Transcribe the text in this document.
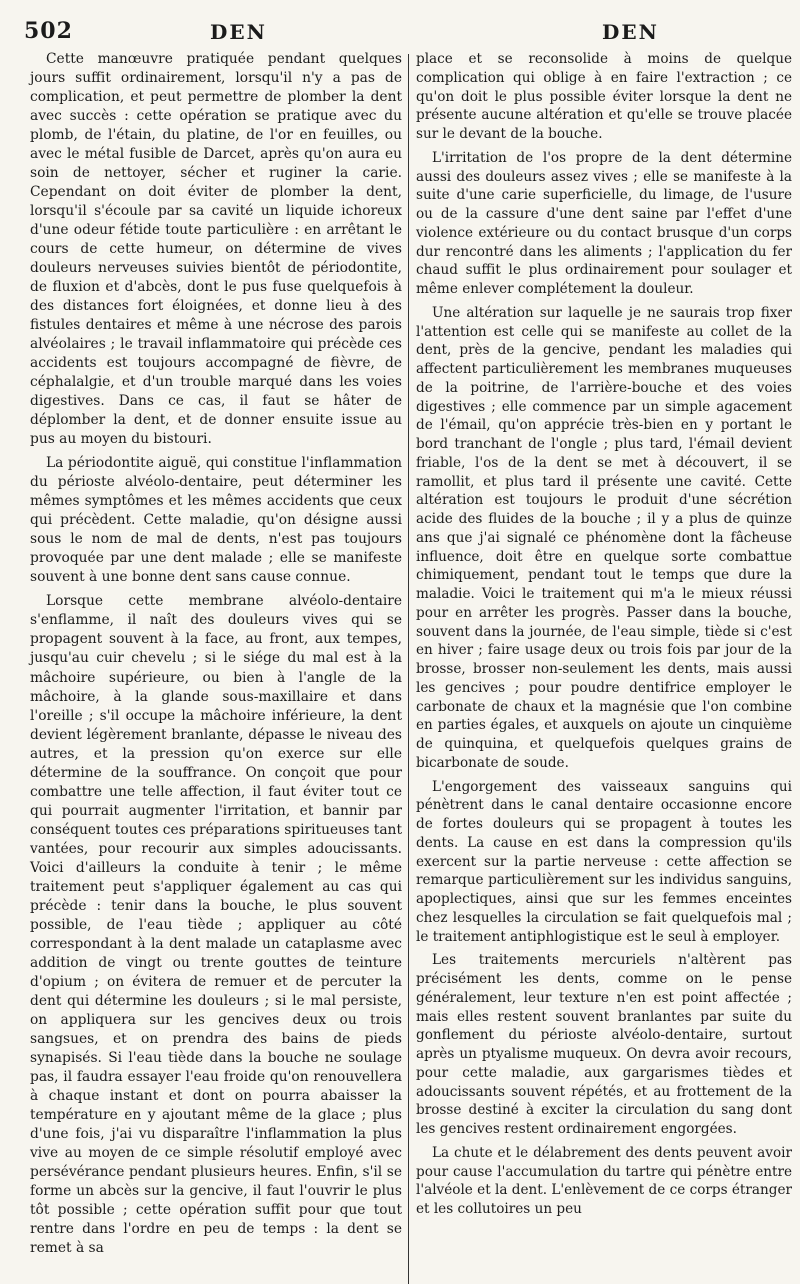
502	DEN	DEN

Cette manœuvre pratiquée pendant quelques jours suffit ordinairement, lorsqu'il n'y a pas de complication, et peut permettre de plomber la dent avec succès : cette opération se pratique avec du plomb, de l'étain, du platine, de l'or en feuilles, ou avec le métal fusible de Darcet, après qu'on aura eu soin de nettoyer, sécher et ruginer la carie. Cependant on doit éviter de plomber la dent, lorsqu'il s'écoule par sa cavité un liquide ichoreux d'une odeur fétide toute particulière : en arrêtant le cours de cette humeur, on détermine de vives douleurs nerveuses suivies bientôt de périodontite, de fluxion et d'abcès, dont le pus fuse quelquefois à des distances fort éloignées, et donne lieu à des fistules dentaires et même à une nécrose des parois alvéolaires ; le travail inflammatoire qui précède ces accidents est toujours accompagné de fièvre, de céphalalgie, et d'un trouble marqué dans les voies digestives. Dans ce cas, il faut se hâter de déplomber la dent, et de donner ensuite issue au pus au moyen du bistouri.

La périodontite aiguë, qui constitue l'inflammation du périoste alvéolo-dentaire, peut déterminer les mêmes symptômes et les mêmes accidents que ceux qui précèdent. Cette maladie, qu'on désigne aussi sous le nom de mal de dents, n'est pas toujours provoquée par une dent malade ; elle se manifeste souvent à une bonne dent sans cause connue.

Lorsque cette membrane alvéolo-dentaire s'enflamme, il naît des douleurs vives qui se propagent souvent à la face, au front, aux tempes, jusqu'au cuir chevelu ; si le siége du mal est à la mâchoire supérieure, ou bien à l'angle de la mâchoire, à la glande sous-maxillaire et dans l'oreille ; s'il occupe la mâchoire inférieure, la dent devient légèrement branlante, dépasse le niveau des autres, et la pression qu'on exerce sur elle détermine de la souffrance. On conçoit que pour combattre une telle affection, il faut éviter tout ce qui pourrait augmenter l'irritation, et bannir par conséquent toutes ces préparations spiritueuses tant vantées, pour recourir aux simples adoucissants. Voici d'ailleurs la conduite à tenir ; le même traitement peut s'appliquer également au cas qui précède : tenir dans la bouche, le plus souvent possible, de l'eau tiède ; appliquer au côté correspondant à la dent malade un cataplasme avec addition de vingt ou trente gouttes de teinture d'opium ; on évitera de remuer et de percuter la dent qui détermine les douleurs ; si le mal persiste, on appliquera sur les gencives deux ou trois sangsues, et on prendra des bains de pieds synapisés. Si l'eau tiède dans la bouche ne soulage pas, il faudra essayer l'eau froide qu'on renouvellera à chaque instant et dont on pourra abaisser la température en y ajoutant même de la glace ; plus d'une fois, j'ai vu disparaître l'inflammation la plus vive au moyen de ce simple résolutif employé avec persévérance pendant plusieurs heures. Enfin, s'il se forme un abcès sur la gencive, il faut l'ouvrir le plus tôt possible ; cette opération suffit pour que tout rentre dans l'ordre en peu de temps : la dent se remet à sa

place et se reconsolide à moins de quelque complication qui oblige à en faire l'extraction ; ce qu'on doit le plus possible éviter lorsque la dent ne présente aucune altération et qu'elle se trouve placée sur le devant de la bouche.

L'irritation de l'os propre de la dent détermine aussi des douleurs assez vives ; elle se manifeste à la suite d'une carie superficielle, du limage, de l'usure ou de la cassure d'une dent saine par l'effet d'une violence extérieure ou du contact brusque d'un corps dur rencontré dans les aliments ; l'application du fer chaud suffit le plus ordinairement pour soulager et même enlever complétement la douleur.

Une altération sur laquelle je ne saurais trop fixer l'attention est celle qui se manifeste au collet de la dent, près de la gencive, pendant les maladies qui affectent particulièrement les membranes muqueuses de la poitrine, de l'arrière-bouche et des voies digestives ; elle commence par un simple agacement de l'émail, qu'on apprécie très-bien en y portant le bord tranchant de l'ongle ; plus tard, l'émail devient friable, l'os de la dent se met à découvert, il se ramollit, et plus tard il présente une cavité. Cette altération est toujours le produit d'une sécrétion acide des fluides de la bouche ; il y a plus de quinze ans que j'ai signalé ce phénomène dont la fâcheuse influence, doit être en quelque sorte combattue chimiquement, pendant tout le temps que dure la maladie. Voici le traitement qui m'a le mieux réussi pour en arrêter les progrès. Passer dans la bouche, souvent dans la journée, de l'eau simple, tiède si c'est en hiver ; faire usage deux ou trois fois par jour de la brosse, brosser non-seulement les dents, mais aussi les gencives ; pour poudre dentifrice employer le carbonate de chaux et la magnésie que l'on combine en parties égales, et auxquels on ajoute un cinquième de quinquina, et quelquefois quelques grains de bicarbonate de soude.

L'engorgement des vaisseaux sanguins qui pénètrent dans le canal dentaire occasionne encore de fortes douleurs qui se propagent à toutes les dents. La cause en est dans la compression qu'ils exercent sur la partie nerveuse : cette affection se remarque particulièrement sur les individus sanguins, apoplectiques, ainsi que sur les femmes enceintes chez lesquelles la circulation se fait quelquefois mal ; le traitement antiphlogistique est le seul à employer.

Les traitements mercuriels n'altèrent pas précisément les dents, comme on le pense généralement, leur texture n'en est point affectée ; mais elles restent souvent branlantes par suite du gonflement du périoste alvéolo-dentaire, surtout après un ptyalisme muqueux. On devra avoir recours, pour cette maladie, aux gargarismes tièdes et adoucissants souvent répétés, et au frottement de la brosse destiné à exciter la circulation du sang dont les gencives restent ordinairement engorgées.

La chute et le délabrement des dents peuvent avoir pour cause l'accumulation du tartre qui pénètre entre l'alvéole et la dent. L'enlèvement de ce corps étranger et les collutoires un peu
